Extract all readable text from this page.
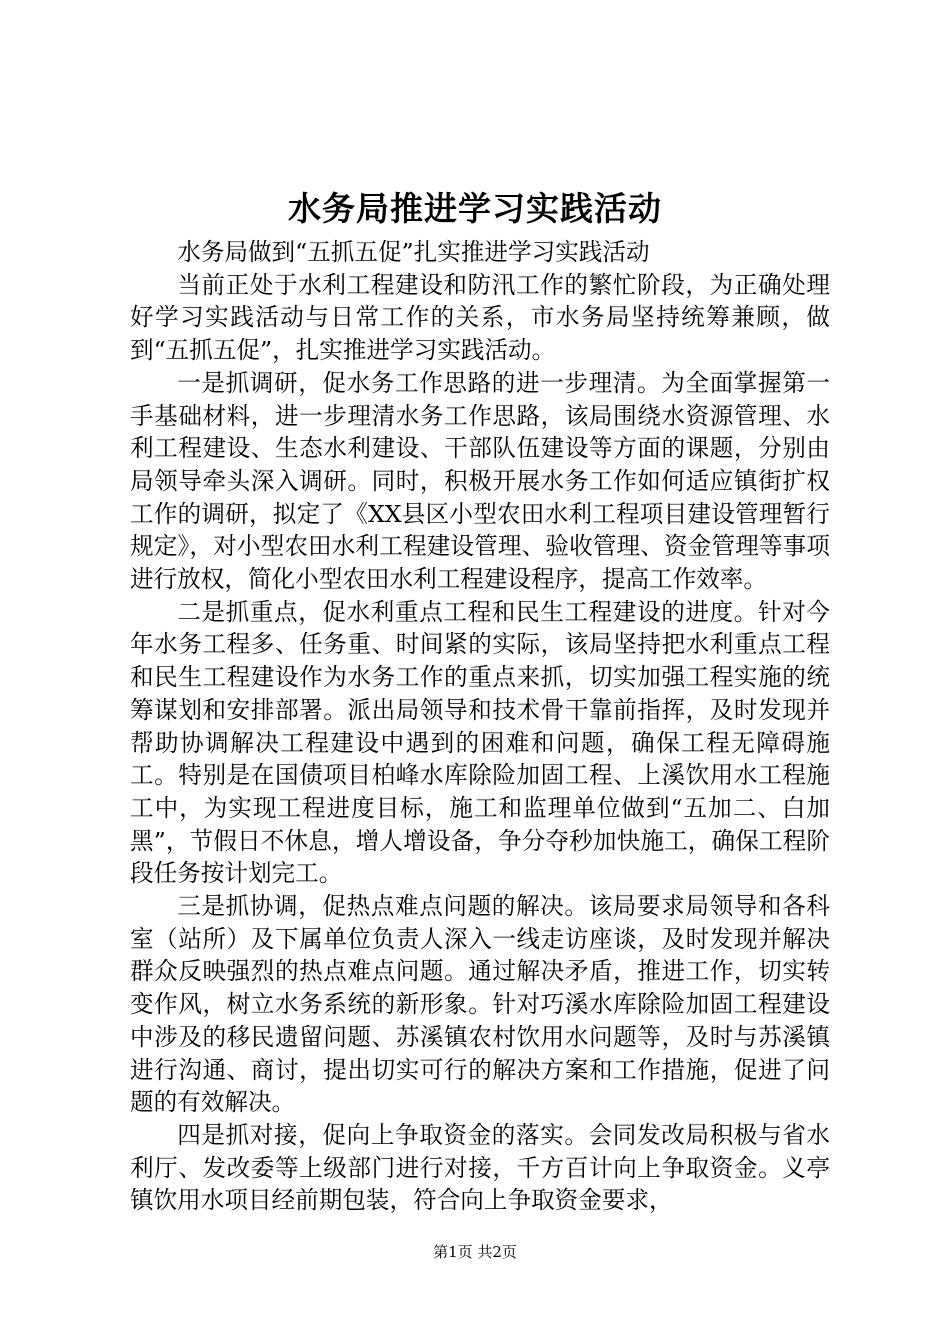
水务局推进学习实践活动

水务局做到“五抓五促”扎实推进学习实践活动

当前正处于水利工程建设和防汛工作的繁忙阶段，为正确处理好学习实践活动与日常工作的关系，市水务局坚持统筹兼顾，做到“五抓五促”，扎实推进学习实践活动。

一是抓调研，促水务工作思路的进一步理清。为全面掌握第一手基础材料，进一步理清水务工作思路，该局围绕水资源管理、水利工程建设、生态水利建设、干部队伍建设等方面的课题，分别由局领导牵头深入调研。同时，积极开展水务工作如何适应镇街扩权工作的调研，拟定了《XX县区小型农田水利工程项目建设管理暂行规定》，对小型农田水利工程建设管理、验收管理、资金管理等事项进行放权，简化小型农田水利工程建设程序，提高工作效率。

二是抓重点，促水利重点工程和民生工程建设的进度。针对今年水务工程多、任务重、时间紧的实际，该局坚持把水利重点工程和民生工程建设作为水务工作的重点来抓，切实加强工程实施的统筹谋划和安排部署。派出局领导和技术骨干靠前指挥，及时发现并帮助协调解决工程建设中遇到的困难和问题，确保工程无障碍施工。特别是在国债项目柏峰水库除险加固工程、上溪饮用水工程施工中，为实现工程进度目标，施工和监理单位做到“五加二、白加黑”，节假日不休息，增人增设备，争分夺秒加快施工，确保工程阶段任务按计划完工。

三是抓协调，促热点难点问题的解决。该局要求局领导和各科室（站所）及下属单位负责人深入一线走访座谈，及时发现并解决群众反映强烈的热点难点问题。通过解决矛盾，推进工作，切实转变作风，树立水务系统的新形象。针对巧溪水库除险加固工程建设中涉及的移民遗留问题、苏溪镇农村饮用水问题等，及时与苏溪镇进行沟通、商讨，提出切实可行的解决方案和工作措施，促进了问题的有效解决。

四是抓对接，促向上争取资金的落实。会同发改局积极与省水利厅、发改委等上级部门进行对接，千方百计向上争取资金。义亭镇饮用水项目经前期包装，符合向上争取资金要求，

第1页 共2页
